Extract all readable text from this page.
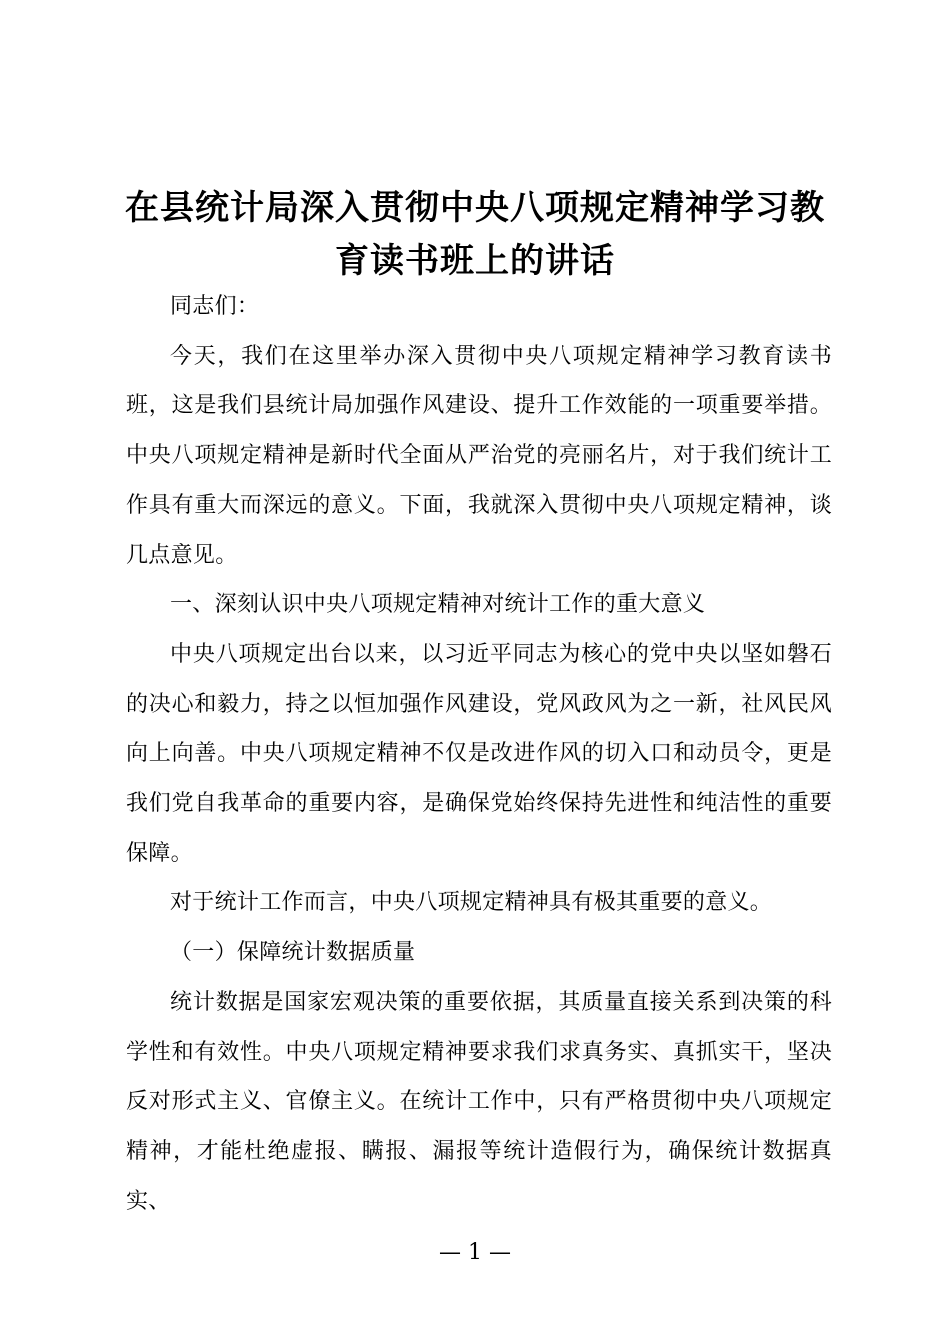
在县统计局深入贯彻中央八项规定精神学习教育读书班上的讲话

同志们：

今天，我们在这里举办深入贯彻中央八项规定精神学习教育读书班，这是我们县统计局加强作风建设、提升工作效能的一项重要举措。中央八项规定精神是新时代全面从严治党的亮丽名片，对于我们统计工作具有重大而深远的意义。下面，我就深入贯彻中央八项规定精神，谈几点意见。

一、深刻认识中央八项规定精神对统计工作的重大意义

中央八项规定出台以来，以习近平同志为核心的党中央以坚如磐石的决心和毅力，持之以恒加强作风建设，党风政风为之一新，社风民风向上向善。中央八项规定精神不仅是改进作风的切入口和动员令，更是我们党自我革命的重要内容，是确保党始终保持先进性和纯洁性的重要保障。

对于统计工作而言，中央八项规定精神具有极其重要的意义。

（一）保障统计数据质量

统计数据是国家宏观决策的重要依据，其质量直接关系到决策的科学性和有效性。中央八项规定精神要求我们求真务实、真抓实干，坚决反对形式主义、官僚主义。在统计工作中，只有严格贯彻中央八项规定精神，才能杜绝虚报、瞒报、漏报等统计造假行为，确保统计数据真实、

— 1 —
